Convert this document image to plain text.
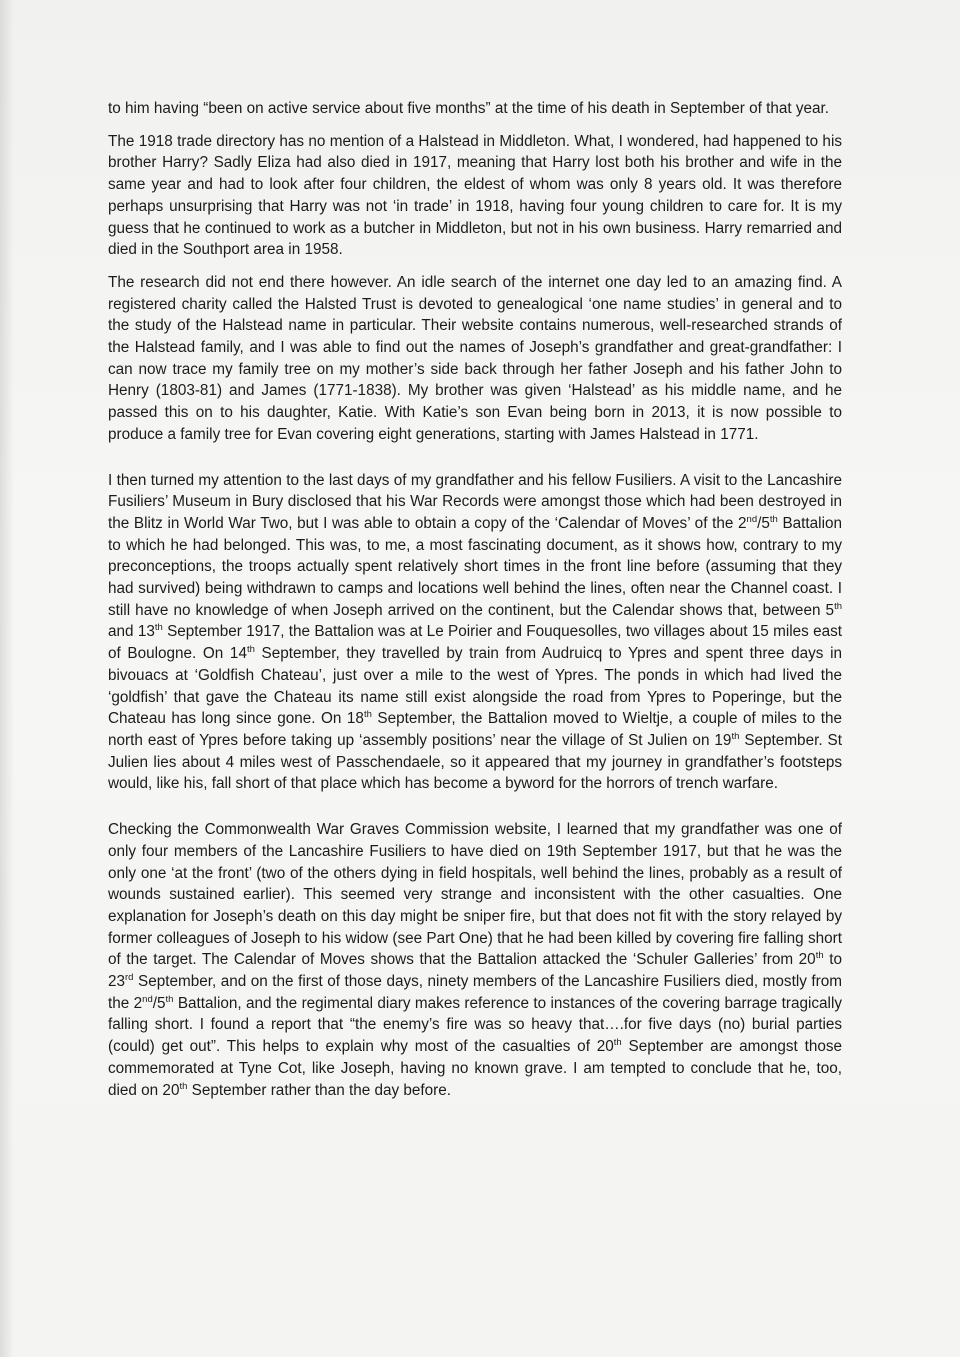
to him having “been on active service about five months” at the time of his death in September of that year.

The 1918 trade directory has no mention of a Halstead in Middleton. What, I wondered, had happened to his brother Harry? Sadly Eliza had also died in 1917, meaning that Harry lost both his brother and wife in the same year and had to look after four children, the eldest of whom was only 8 years old. It was therefore perhaps unsurprising that Harry was not ‘in trade’ in 1918, having four young children to care for. It is my guess that he continued to work as a butcher in Middleton, but not in his own business. Harry remarried and died in the Southport area in 1958.

The research did not end there however. An idle search of the internet one day led to an amazing find. A registered charity called the Halsted Trust is devoted to genealogical ‘one name studies’ in general and to the study of the Halstead name in particular. Their website contains numerous, well-researched strands of the Halstead family, and I was able to find out the names of Joseph’s grandfather and great-grandfather: I can now trace my family tree on my mother’s side back through her father Joseph and his father John to Henry (1803-81) and James (1771-1838). My brother was given ‘Halstead’ as his middle name, and he passed this on to his daughter, Katie. With Katie’s son Evan being born in 2013, it is now possible to produce a family tree for Evan covering eight generations, starting with James Halstead in 1771.

I then turned my attention to the last days of my grandfather and his fellow Fusiliers. A visit to the Lancashire Fusiliers’ Museum in Bury disclosed that his War Records were amongst those which had been destroyed in the Blitz in World War Two, but I was able to obtain a copy of the ‘Calendar of Moves’ of the 2nd/5th Battalion to which he had belonged. This was, to me, a most fascinating document, as it shows how, contrary to my preconceptions, the troops actually spent relatively short times in the front line before (assuming that they had survived) being withdrawn to camps and locations well behind the lines, often near the Channel coast. I still have no knowledge of when Joseph arrived on the continent, but the Calendar shows that, between 5th and 13th September 1917, the Battalion was at Le Poirier and Fouquesolles, two villages about 15 miles east of Boulogne. On 14th September, they travelled by train from Audruicq to Ypres and spent three days in bivouacs at ‘Goldfish Chateau’, just over a mile to the west of Ypres. The ponds in which had lived the ‘goldfish’ that gave the Chateau its name still exist alongside the road from Ypres to Poperinge, but the Chateau has long since gone. On 18th September, the Battalion moved to Wieltje, a couple of miles to the north east of Ypres before taking up ‘assembly positions’ near the village of St Julien on 19th September. St Julien lies about 4 miles west of Passchendaele, so it appeared that my journey in grandfather’s footsteps would, like his, fall short of that place which has become a byword for the horrors of trench warfare.

Checking the Commonwealth War Graves Commission website, I learned that my grandfather was one of only four members of the Lancashire Fusiliers to have died on 19th September 1917, but that he was the only one ‘at the front’ (two of the others dying in field hospitals, well behind the lines, probably as a result of wounds sustained earlier). This seemed very strange and inconsistent with the other casualties. One explanation for Joseph’s death on this day might be sniper fire, but that does not fit with the story relayed by former colleagues of Joseph to his widow (see Part One) that he had been killed by covering fire falling short of the target. The Calendar of Moves shows that the Battalion attacked the ‘Schuler Galleries’ from 20th to 23rd September, and on the first of those days, ninety members of the Lancashire Fusiliers died, mostly from the 2nd/5th Battalion, and the regimental diary makes reference to instances of the covering barrage tragically falling short. I found a report that “the enemy’s fire was so heavy that….for five days (no) burial parties (could) get out”. This helps to explain why most of the casualties of 20th September are amongst those commemorated at Tyne Cot, like Joseph, having no known grave. I am tempted to conclude that he, too, died on 20th September rather than the day before.
